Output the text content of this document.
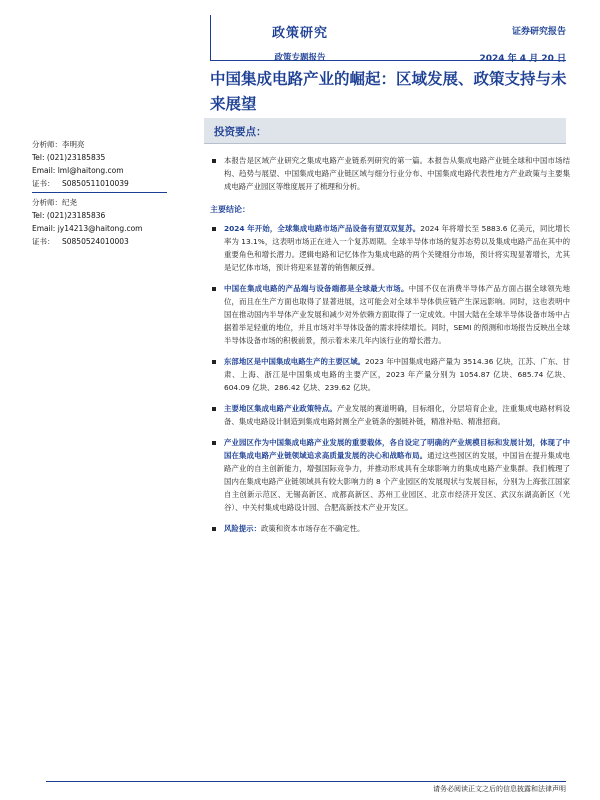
政策研究
政策专题报告
证券研究报告
2024 年 4 月 20 日
中国集成电路产业的崛起：区域发展、政策支持与未来展望
投资要点：
分析师：李明亮
Tel: (021)23185835
Email: lml@haitong.com
证书： S0850511010039
分析师：纪尧
Tel: (021)23185836
Email: jy14213@haitong.com
证书： S0850524010003
本报告是区域产业研究之集成电路产业链系列研究的第一篇。本报告从集成电路产业链全球和中国市场结构、趋势与展望、中国集成电路产业链区域与细分行业分布、中国集成电路代表性地方产业政策与主要集成电路产业园区等维度展开了梳理和分析。
主要结论：
2024 年开始，全球集成电路市场产品设备有望双双复苏。2024 年将增长至 5883.6 亿美元，同比增长率为 13.1%，这表明市场正在进入一个复苏周期。全球半导体市场的复苏态势以及集成电路产品在其中的重要角色和增长潜力。逻辑电路和记忆体作为集成电路的两个关键细分市场，预计将实现显著增长，尤其是记忆体市场，预计将迎来显著的销售额反弹。
中国在集成电路的产品端与设备端都是全球最大市场。中国不仅在消费半导体产品方面占据全球领先地位，而且在生产方面也取得了显著进展，这可能会对全球半导体供应链产生深远影响。同时，这也表明中国在推动国内半导体产业发展和减少对外依赖方面取得了一定成效。中国大陆在全球半导体设备市场中占据着举足轻重的地位，并且市场对半导体设备的需求持续增长。同时，SEMI 的预测和市场报告反映出全球半导体设备市场的积极前景，预示着未来几年内该行业的增长潜力。
东部地区是中国集成电路生产的主要区域。2023 年中国集成电路产量为 3514.36 亿块，江苏、广东、甘肃、上海、浙江是中国集成电路的主要产区，2023 年产量分别为 1054.87 亿块、685.74 亿块、604.09 亿块、286.42 亿块、239.62 亿块。
主要地区集成电路产业政策特点。产业发展的赛道明确，目标细化，分层培育企业，注重集成电路材料设备、集成电路设计制造到集成电路封测全产业链条的强链补链，精准补贴、精准招商。
产业园区作为中国集成电路产业发展的重要载体，各自设定了明确的产业规模目标和发展计划，体现了中国在集成电路产业链领域追求高质量发展的决心和战略布局。通过这些园区的发展，中国旨在提升集成电路产业的自主创新能力，增强国际竞争力，并推动形成具有全球影响力的集成电路产业集群。我们梳理了国内在集成电路产业链领域具有较大影响力的 8 个产业园区的发展现状与发展目标，分别为上海张江国家自主创新示范区、无锡高新区、成都高新区、苏州工业园区、北京市经济开发区、武汉东湖高新区（光谷）、中关村集成电路设计园、合肥高新技术产业开发区。
风险提示：政策和资本市场存在不确定性。
请务必阅读正文之后的信息披露和法律声明
